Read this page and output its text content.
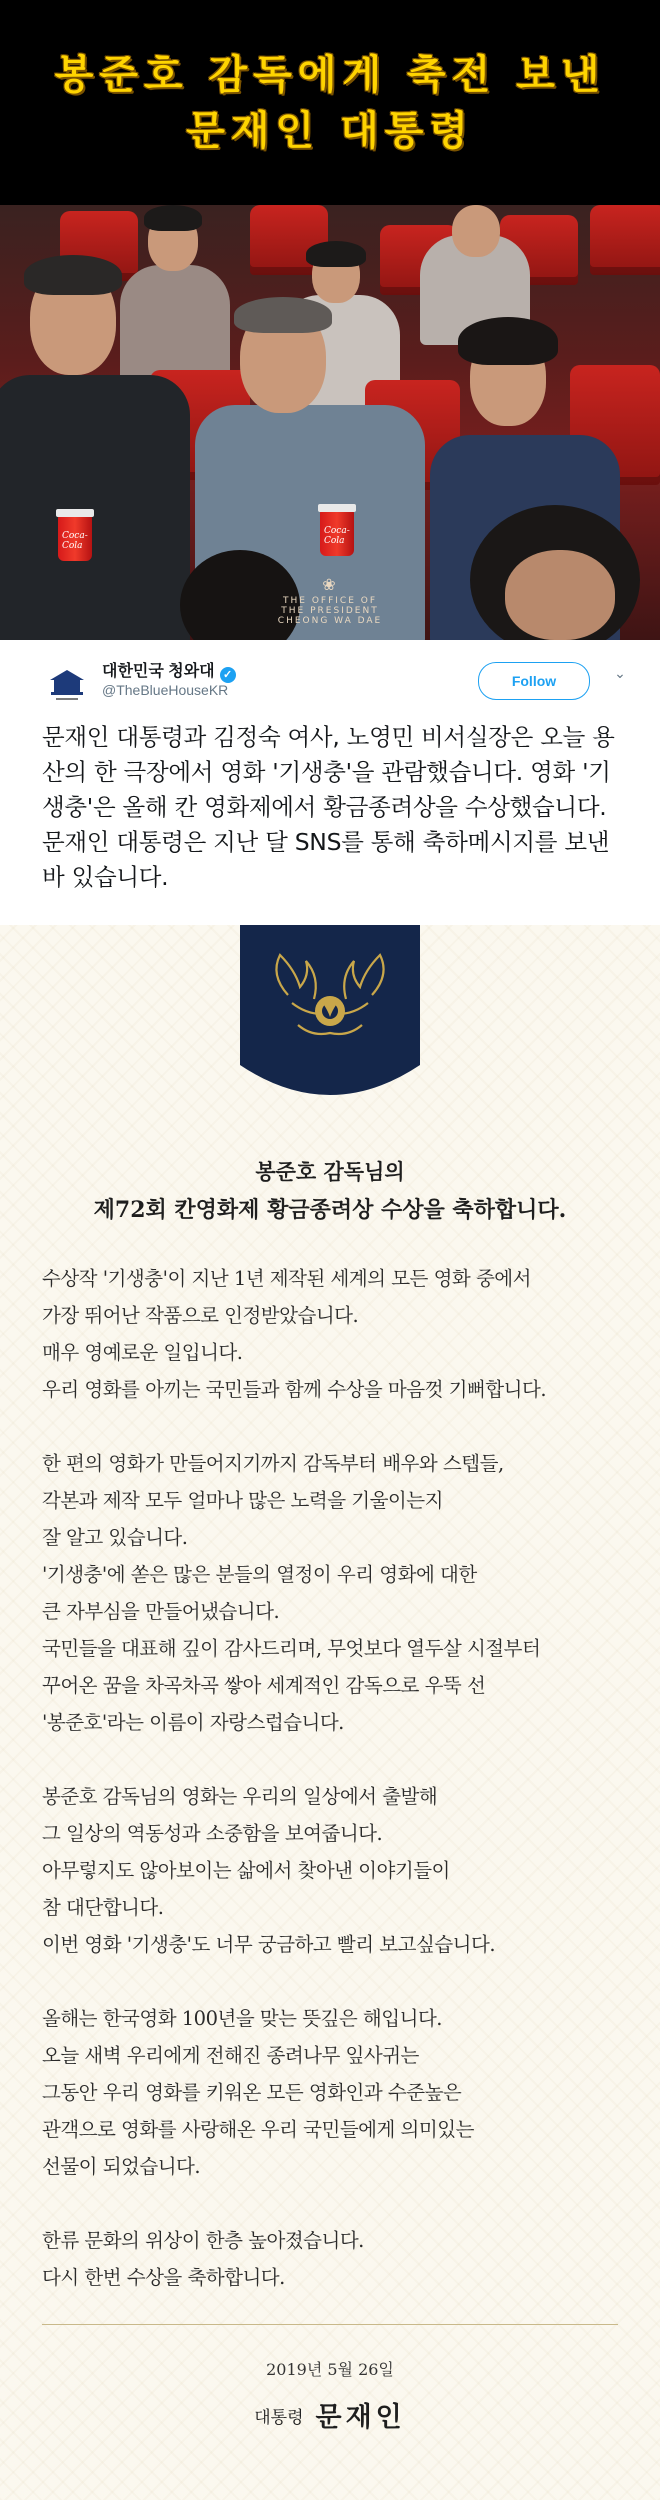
봉준호 감독에게 축전 보낸
문재인 대통령
Coca-Cola
Coca-Cola
❀
THE OFFICE OF THE PRESIDENT
CHEONG WA DAE
대한민국 청와대 ✓
@TheBlueHouseKR
Follow	⌄
문재인 대통령과 김정숙 여사, 노영민 비서실장은 오늘 용산의 한 극장에서 영화 '기생충'을 관람했습니다. 영화 '기생충'은 올해 칸 영화제에서 황금종려상을 수상했습니다. 문재인 대통령은 지난 달 SNS를 통해 축하메시지를 보낸 바 있습니다.
봉준호 감독님의
제72회 칸영화제 황금종려상 수상을 축하합니다.
수상작 '기생충'이 지난 1년 제작된 세계의 모든 영화 중에서
가장 뛰어난 작품으로 인정받았습니다.
매우 영예로운 일입니다.
우리 영화를 아끼는 국민들과 함께 수상을 마음껏 기뻐합니다.
한 편의 영화가 만들어지기까지 감독부터 배우와 스텝들,
각본과 제작 모두 얼마나 많은 노력을 기울이는지
잘 알고 있습니다.
'기생충'에 쏟은 많은 분들의 열정이 우리 영화에 대한
큰 자부심을 만들어냈습니다.
국민들을 대표해 깊이 감사드리며, 무엇보다 열두살 시절부터
꾸어온 꿈을 차곡차곡 쌓아 세계적인 감독으로 우뚝 선
'봉준호'라는 이름이 자랑스럽습니다.
봉준호 감독님의 영화는 우리의 일상에서 출발해
그 일상의 역동성과 소중함을 보여줍니다.
아무렇지도 않아보이는 삶에서 찾아낸 이야기들이
참 대단합니다.
이번 영화 '기생충'도 너무 궁금하고 빨리 보고싶습니다.
올해는 한국영화 100년을 맞는 뜻깊은 해입니다.
오늘 새벽 우리에게 전해진 종려나무 잎사귀는
그동안 우리 영화를 키워온 모든 영화인과 수준높은
관객으로 영화를 사랑해온 우리 국민들에게 의미있는
선물이 되었습니다.
한류 문화의 위상이 한층 높아졌습니다.
다시 한번 수상을 축하합니다.
2019년 5월 26일
대통령 문재인
